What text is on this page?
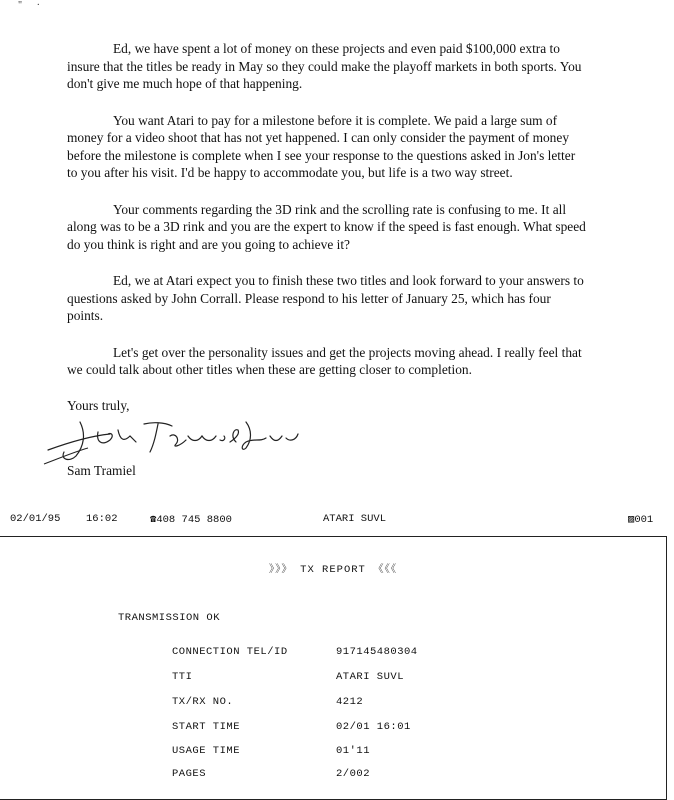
" ·

Ed, we have spent a lot of money on these projects and even paid $100,000 extra to insure that the titles be ready in May so they could make the playoff markets in both sports. You don't give me much hope of that happening.

You want Atari to pay for a milestone before it is complete. We paid a large sum of money for a video shoot that has not yet happened. I can only consider the payment of money before the milestone is complete when I see your response to the questions asked in Jon's letter to you after his visit. I'd be happy to accommodate you, but life is a two way street.

Your comments regarding the 3D rink and the scrolling rate is confusing to me. It all along was to be a 3D rink and you are the expert to know if the speed is fast enough. What speed do you think is right and are you going to achieve it?

Ed, we at Atari expect you to finish these two titles and look forward to your answers to questions asked by John Corrall. Please respond to his letter of January 25, which has four points.

Let's get over the personality issues and get the projects moving ahead. I really feel that we could talk about other titles when these are getting closer to completion.

Yours truly,
Sam Tramiel
02/01/95 16:02	☎408 745 8800	ATARI SUVL	▨001
》》》 TX REPORT 《《《
TRANSMISSION OK
CONNECTION TEL/ID	917145480304
TTI	ATARI SUVL
TX/RX NO.	4212
START TIME	02/01 16:01
USAGE TIME	01'11
PAGES	2/002
